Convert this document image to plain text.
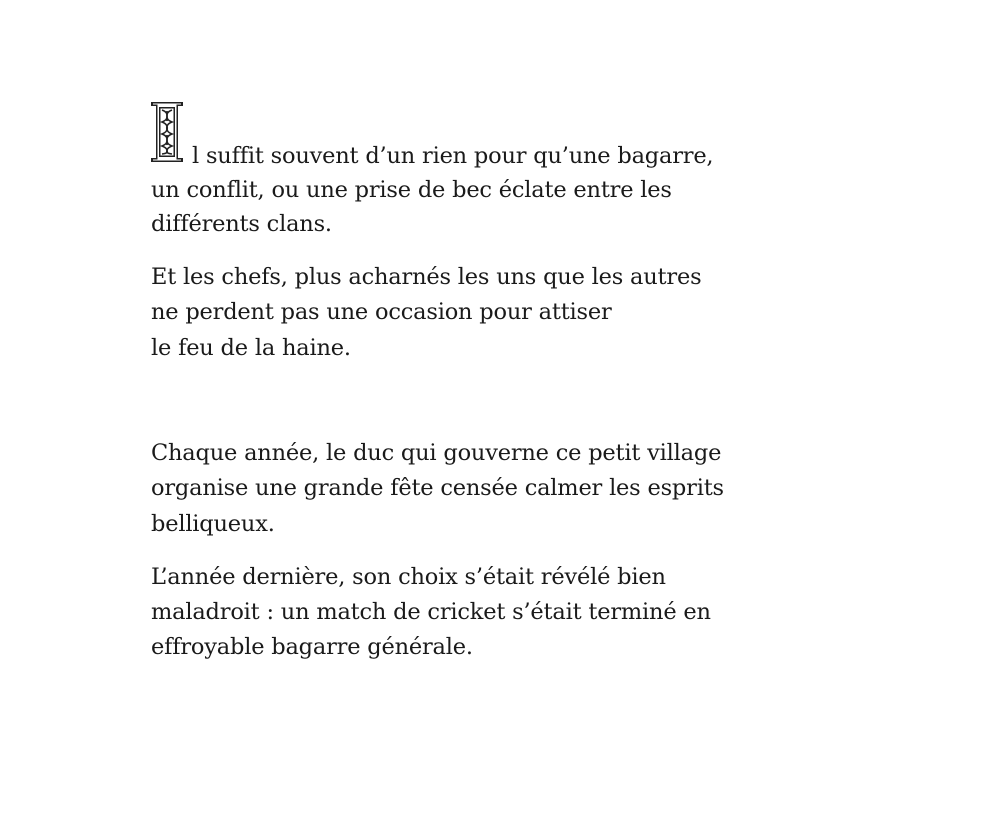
l suffit souvent d’un rien pour qu’une bagarre,
un conflit, ou une prise de bec éclate entre les
différents clans.
Et les chefs, plus acharnés les uns que les autres
ne perdent pas une occasion pour attiser
le feu de la haine.
Chaque année, le duc qui gouverne ce petit village
organise une grande fête censée calmer les esprits
belliqueux.
L’année dernière, son choix s’était révélé bien
maladroit : un match de cricket s’était terminé en
effroyable bagarre générale.
